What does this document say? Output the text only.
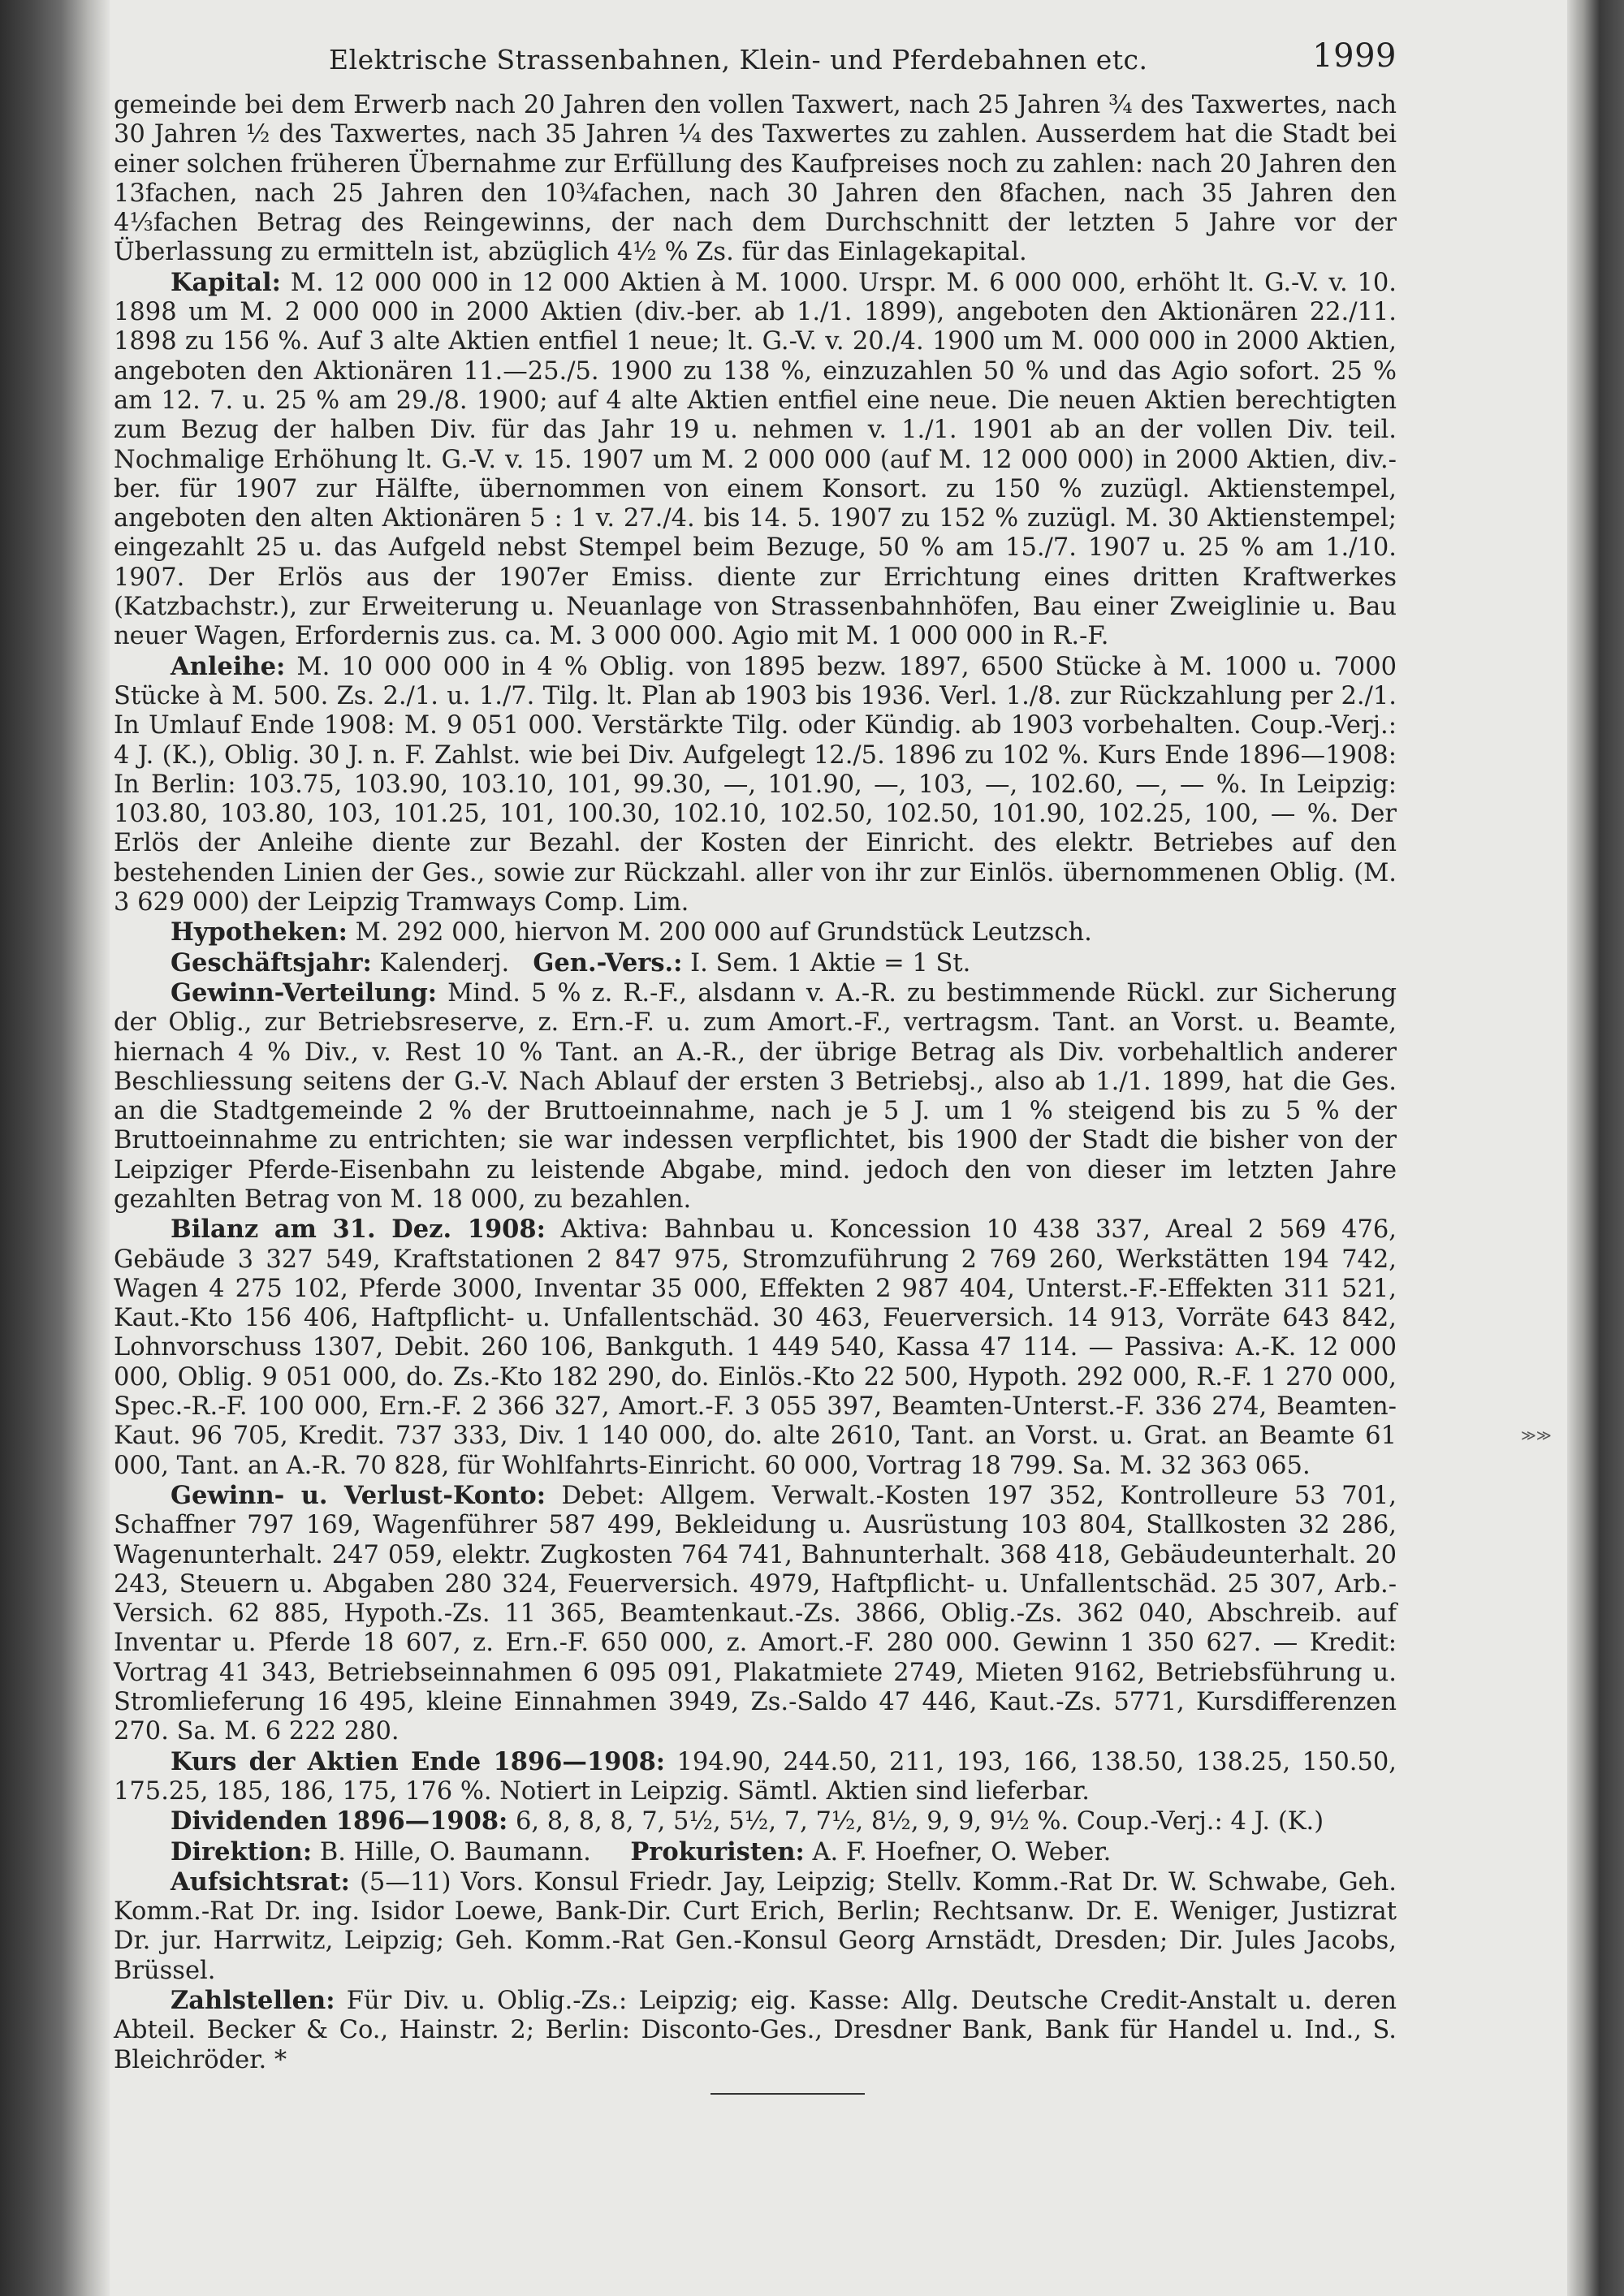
≫≫
Elektrische Strassenbahnen, Klein- und Pferdebahnen etc.	1999

gemeinde bei dem Erwerb nach 20 Jahren den vollen Taxwert, nach 25 Jahren ¾ des Taxwertes, nach 30 Jahren ½ des Taxwertes, nach 35 Jahren ¼ des Taxwertes zu zahlen. Ausserdem hat die Stadt bei einer solchen früheren Übernahme zur Erfüllung des Kaufpreises noch zu zahlen: nach 20 Jahren den 13fachen, nach 25 Jahren den 10¾fachen, nach 30 Jahren den 8fachen, nach 35 Jahren den 4⅓fachen Betrag des Reingewinns, der nach dem Durchschnitt der letzten 5 Jahre vor der Überlassung zu ermitteln ist, abzüglich 4½ % Zs. für das Einlagekapital.

Kapital: M. 12 000 000 in 12 000 Aktien à M. 1000. Urspr. M. 6 000 000, erhöht lt. G.-V. v. 10. 1898 um M. 2 000 000 in 2000 Aktien (div.-ber. ab 1./1. 1899), angeboten den Aktionären 22./11. 1898 zu 156 %. Auf 3 alte Aktien entfiel 1 neue; lt. G.-V. v. 20./4. 1900 um M. 000 000 in 2000 Aktien, angeboten den Aktionären 11.—25./5. 1900 zu 138 %, einzuzahlen 50 % und das Agio sofort. 25 % am 12. 7. u. 25 % am 29./8. 1900; auf 4 alte Aktien entfiel eine neue. Die neuen Aktien berechtigten zum Bezug der halben Div. für das Jahr 19 u. nehmen v. 1./1. 1901 ab an der vollen Div. teil. Nochmalige Erhöhung lt. G.-V. v. 15. 1907 um M. 2 000 000 (auf M. 12 000 000) in 2000 Aktien, div.-ber. für 1907 zur Hälfte, übernommen von einem Konsort. zu 150 % zuzügl. Aktienstempel, angeboten den alten Aktionären 5 : 1 v. 27./4. bis 14. 5. 1907 zu 152 % zuzügl. M. 30 Aktienstempel; eingezahlt 25 u. das Aufgeld nebst Stempel beim Bezuge, 50 % am 15./7. 1907 u. 25 % am 1./10. 1907. Der Erlös aus der 1907er Emiss. diente zur Errichtung eines dritten Kraftwerkes (Katzbachstr.), zur Erweiterung u. Neuanlage von Strassenbahnhöfen, Bau einer Zweiglinie u. Bau neuer Wagen, Erfordernis zus. ca. M. 3 000 000. Agio mit M. 1 000 000 in R.-F.

Anleihe: M. 10 000 000 in 4 % Oblig. von 1895 bezw. 1897, 6500 Stücke à M. 1000 u. 7000 Stücke à M. 500. Zs. 2./1. u. 1./7. Tilg. lt. Plan ab 1903 bis 1936. Verl. 1./8. zur Rückzahlung per 2./1. In Umlauf Ende 1908: M. 9 051 000. Verstärkte Tilg. oder Kündig. ab 1903 vorbehalten. Coup.-Verj.: 4 J. (K.), Oblig. 30 J. n. F. Zahlst. wie bei Div. Aufgelegt 12./5. 1896 zu 102 %. Kurs Ende 1896—1908: In Berlin: 103.75, 103.90, 103.10, 101, 99.30, —, 101.90, —, 103, —, 102.60, —, — %. In Leipzig: 103.80, 103.80, 103, 101.25, 101, 100.30, 102.10, 102.50, 102.50, 101.90, 102.25, 100, — %. Der Erlös der Anleihe diente zur Bezahl. der Kosten der Einricht. des elektr. Betriebes auf den bestehenden Linien der Ges., sowie zur Rückzahl. aller von ihr zur Einlös. übernommenen Oblig. (M. 3 629 000) der Leipzig Tramways Comp. Lim.

Hypotheken: M. 292 000, hiervon M. 200 000 auf Grundstück Leutzsch.

Geschäftsjahr: Kalenderj. Gen.-Vers.: I. Sem. 1 Aktie = 1 St.

Gewinn-Verteilung: Mind. 5 % z. R.-F., alsdann v. A.-R. zu bestimmende Rückl. zur Sicherung der Oblig., zur Betriebsreserve, z. Ern.-F. u. zum Amort.-F., vertragsm. Tant. an Vorst. u. Beamte, hiernach 4 % Div., v. Rest 10 % Tant. an A.-R., der übrige Betrag als Div. vorbehaltlich anderer Beschliessung seitens der G.-V. Nach Ablauf der ersten 3 Betriebsj., also ab 1./1. 1899, hat die Ges. an die Stadtgemeinde 2 % der Bruttoeinnahme, nach je 5 J. um 1 % steigend bis zu 5 % der Bruttoeinnahme zu entrichten; sie war indessen verpflichtet, bis 1900 der Stadt die bisher von der Leipziger Pferde-Eisenbahn zu leistende Abgabe, mind. jedoch den von dieser im letzten Jahre gezahlten Betrag von M. 18 000, zu bezahlen.

Bilanz am 31. Dez. 1908: Aktiva: Bahnbau u. Koncession 10 438 337, Areal 2 569 476, Gebäude 3 327 549, Kraftstationen 2 847 975, Stromzuführung 2 769 260, Werkstätten 194 742, Wagen 4 275 102, Pferde 3000, Inventar 35 000, Effekten 2 987 404, Unterst.-F.-Effekten 311 521, Kaut.-Kto 156 406, Haftpflicht- u. Unfallentschäd. 30 463, Feuerversich. 14 913, Vorräte 643 842, Lohnvorschuss 1307, Debit. 260 106, Bankguth. 1 449 540, Kassa 47 114. — Passiva: A.-K. 12 000 000, Oblig. 9 051 000, do. Zs.-Kto 182 290, do. Einlös.-Kto 22 500, Hypoth. 292 000, R.-F. 1 270 000, Spec.-R.-F. 100 000, Ern.-F. 2 366 327, Amort.-F. 3 055 397, Beamten-Unterst.-F. 336 274, Beamten-Kaut. 96 705, Kredit. 737 333, Div. 1 140 000, do. alte 2610, Tant. an Vorst. u. Grat. an Beamte 61 000, Tant. an A.-R. 70 828, für Wohlfahrts-Einricht. 60 000, Vortrag 18 799. Sa. M. 32 363 065.

Gewinn- u. Verlust-Konto: Debet: Allgem. Verwalt.-Kosten 197 352, Kontrolleure 53 701, Schaffner 797 169, Wagenführer 587 499, Bekleidung u. Ausrüstung 103 804, Stallkosten 32 286, Wagenunterhalt. 247 059, elektr. Zugkosten 764 741, Bahnunterhalt. 368 418, Gebäudeunterhalt. 20 243, Steuern u. Abgaben 280 324, Feuerversich. 4979, Haftpflicht- u. Unfallentschäd. 25 307, Arb.-Versich. 62 885, Hypoth.-Zs. 11 365, Beamtenkaut.-Zs. 3866, Oblig.-Zs. 362 040, Abschreib. auf Inventar u. Pferde 18 607, z. Ern.-F. 650 000, z. Amort.-F. 280 000. Gewinn 1 350 627. — Kredit: Vortrag 41 343, Betriebseinnahmen 6 095 091, Plakatmiete 2749, Mieten 9162, Betriebsführung u. Stromlieferung 16 495, kleine Einnahmen 3949, Zs.-Saldo 47 446, Kaut.-Zs. 5771, Kursdifferenzen 270. Sa. M. 6 222 280.

Kurs der Aktien Ende 1896—1908: 194.90, 244.50, 211, 193, 166, 138.50, 138.25, 150.50, 175.25, 185, 186, 175, 176 %. Notiert in Leipzig. Sämtl. Aktien sind lieferbar.

Dividenden 1896—1908: 6, 8, 8, 8, 7, 5½, 5½, 7, 7½, 8½, 9, 9, 9½ %. Coup.-Verj.: 4 J. (K.)

Direktion: B. Hille, O. Baumann. Prokuristen: A. F. Hoefner, O. Weber.

Aufsichtsrat: (5—11) Vors. Konsul Friedr. Jay, Leipzig; Stellv. Komm.-Rat Dr. W. Schwabe, Geh. Komm.-Rat Dr. ing. Isidor Loewe, Bank-Dir. Curt Erich, Berlin; Rechtsanw. Dr. E. Weniger, Justizrat Dr. jur. Harrwitz, Leipzig; Geh. Komm.-Rat Gen.-Konsul Georg Arnstädt, Dresden; Dir. Jules Jacobs, Brüssel.

Zahlstellen: Für Div. u. Oblig.-Zs.: Leipzig; eig. Kasse: Allg. Deutsche Credit-Anstalt u. deren Abteil. Becker & Co., Hainstr. 2; Berlin: Disconto-Ges., Dresdner Bank, Bank für Handel u. Ind., S. Bleichröder. *
